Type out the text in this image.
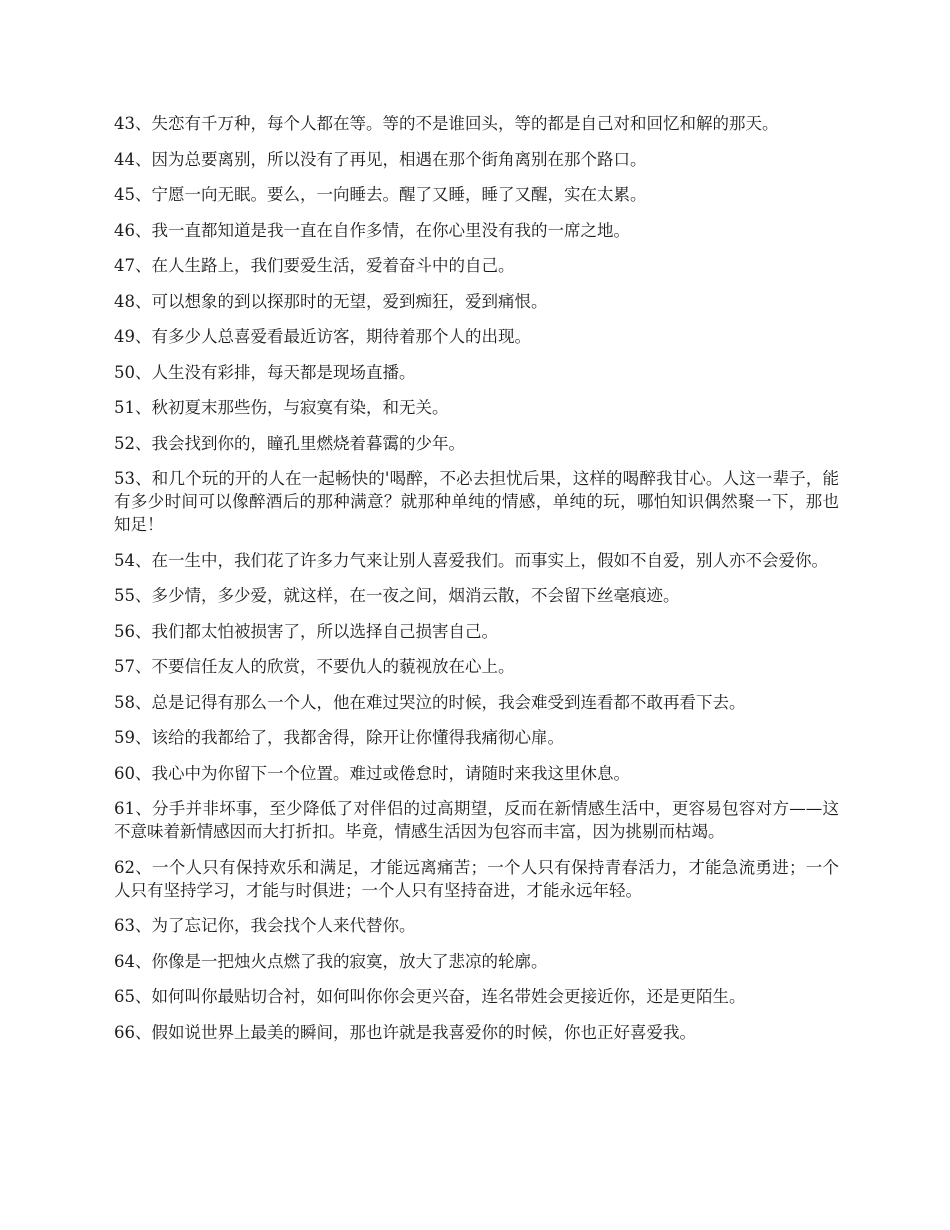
43、失恋有千万种，每个人都在等。等的不是谁回头，等的都是自己对和回忆和解的那天。

44、因为总要离别，所以没有了再见，相遇在那个街角离别在那个路口。

45、宁愿一向无眠。要么，一向睡去。醒了又睡，睡了又醒，实在太累。

46、我一直都知道是我一直在自作多情，在你心里没有我的一席之地。

47、在人生路上，我们要爱生活，爱着奋斗中的自己。

48、可以想象的到以探那时的无望，爱到痴狂，爱到痛恨。

49、有多少人总喜爱看最近访客，期待着那个人的出现。

50、人生没有彩排，每天都是现场直播。

51、秋初夏末那些伤，与寂寞有染，和无关。

52、我会找到你的，瞳孔里燃烧着暮霭的少年。

53、和几个玩的开的人在一起畅快的'喝醉，不必去担忧后果，这样的喝醉我甘心。人这一辈子，能有多少时间可以像醉酒后的那种满意？就那种单纯的情感，单纯的玩，哪怕知识偶然聚一下，那也知足！

54、在一生中，我们花了许多力气来让别人喜爱我们。而事实上，假如不自爱，别人亦不会爱你。

55、多少情，多少爱，就这样，在一夜之间，烟消云散，不会留下丝毫痕迹。

56、我们都太怕被损害了，所以选择自己损害自己。

57、不要信任友人的欣赏，不要仇人的藐视放在心上。

58、总是记得有那么一个人，他在难过哭泣的时候，我会难受到连看都不敢再看下去。

59、该给的我都给了，我都舍得，除开让你懂得我痛彻心扉。

60、我心中为你留下一个位置。难过或倦怠时，请随时来我这里休息。

61、分手并非坏事，至少降低了对伴侣的过高期望，反而在新情感生活中，更容易包容对方——这不意味着新情感因而大打折扣。毕竟，情感生活因为包容而丰富，因为挑剔而枯竭。

62、一个人只有保持欢乐和满足，才能远离痛苦；一个人只有保持青春活力，才能急流勇进；一个人只有坚持学习，才能与时俱进；一个人只有坚持奋进，才能永远年轻。

63、为了忘记你，我会找个人来代替你。

64、你像是一把烛火点燃了我的寂寞，放大了悲凉的轮廓。

65、如何叫你最贴切合衬，如何叫你你会更兴奋，连名带姓会更接近你，还是更陌生。

66、假如说世界上最美的瞬间，那也许就是我喜爱你的时候，你也正好喜爱我。
